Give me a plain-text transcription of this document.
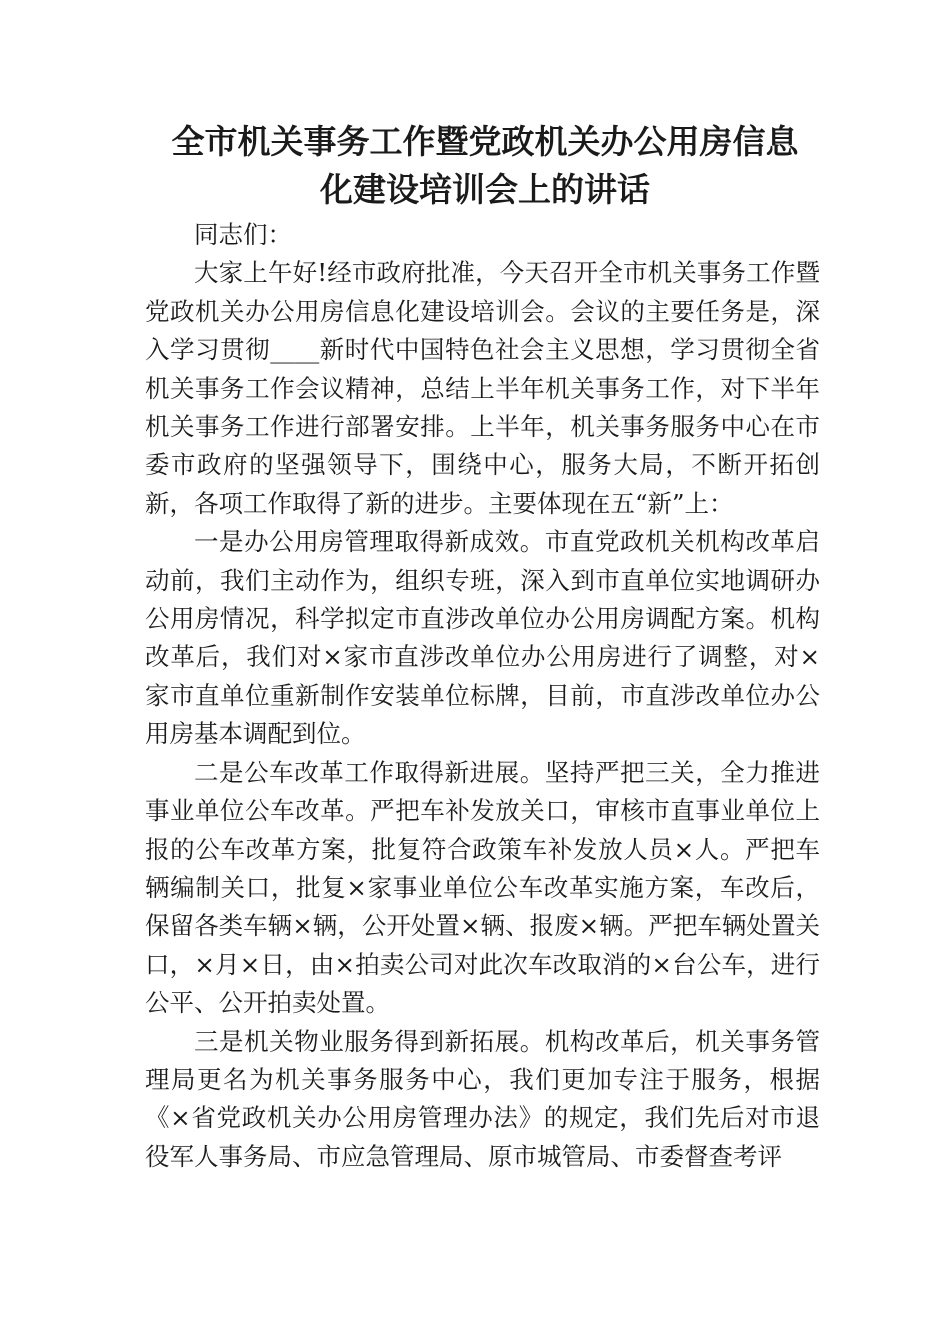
全市机关事务工作暨党政机关办公用房信息
化建设培训会上的讲话

同志们：

大家上午好!经市政府批准，今天召开全市机关事务工作暨党政机关办公用房信息化建设培训会。会议的主要任务是，深入学习贯彻____新时代中国特色社会主义思想，学习贯彻全省机关事务工作会议精神，总结上半年机关事务工作，对下半年机关事务工作进行部署安排。上半年，机关事务服务中心在市委市政府的坚强领导下，围绕中心，服务大局，不断开拓创新，各项工作取得了新的进步。主要体现在五“新”上：

一是办公用房管理取得新成效。市直党政机关机构改革启动前，我们主动作为，组织专班，深入到市直单位实地调研办公用房情况，科学拟定市直涉改单位办公用房调配方案。机构改革后，我们对×家市直涉改单位办公用房进行了调整，对×家市直单位重新制作安装单位标牌，目前，市直涉改单位办公用房基本调配到位。

二是公车改革工作取得新进展。坚持严把三关，全力推进事业单位公车改革。严把车补发放关口，审核市直事业单位上报的公车改革方案，批复符合政策车补发放人员×人。严把车辆编制关口，批复×家事业单位公车改革实施方案，车改后，保留各类车辆×辆，公开处置×辆、报废×辆。严把车辆处置关口，×月×日，由×拍卖公司对此次车改取消的×台公车，进行公平、公开拍卖处置。

三是机关物业服务得到新拓展。机构改革后，机关事务管理局更名为机关事务服务中心，我们更加专注于服务，根据《×省党政机关办公用房管理办法》的规定，我们先后对市退役军人事务局、市应急管理局、原市城管局、市委督查考评
